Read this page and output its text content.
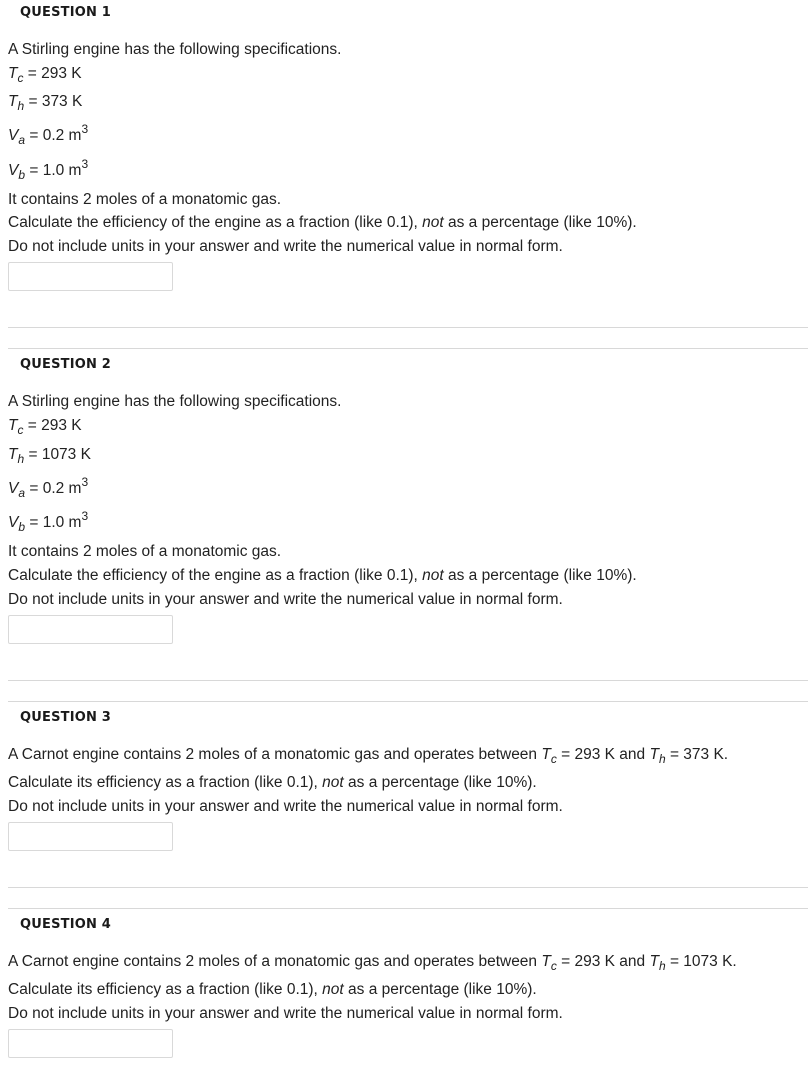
QUESTION 1
A Stirling engine has the following specifications.
$T_c = 293$ K
$T_h = 373$ K
$V_a = 0.2$ $m^3$
$V_b = 1.0$ $m^3$
It contains 2 moles of a monatomic gas.
Calculate the efficiency of the engine as a fraction (like 0.1), not as a percentage (like 10%).
Do not include units in your answer and write the numerical value in normal form.
QUESTION 2
A Stirling engine has the following specifications.
$T_c = 293$ K
$T_h = 1073$ K
$V_a = 0.2$ $m^3$
$V_b = 1.0$ $m^3$
It contains 2 moles of a monatomic gas.
Calculate the efficiency of the engine as a fraction (like 0.1), not as a percentage (like 10%).
Do not include units in your answer and write the numerical value in normal form.
QUESTION 3
A Carnot engine contains 2 moles of a monatomic gas and operates between $T_c = 293$ K and $T_h = 373$ K.
Calculate its efficiency as a fraction (like 0.1), not as a percentage (like 10%).
Do not include units in your answer and write the numerical value in normal form.
QUESTION 4
A Carnot engine contains 2 moles of a monatomic gas and operates between $T_c = 293$ K and $T_h = 1073$ K.
Calculate its efficiency as a fraction (like 0.1), not as a percentage (like 10%).
Do not include units in your answer and write the numerical value in normal form.
